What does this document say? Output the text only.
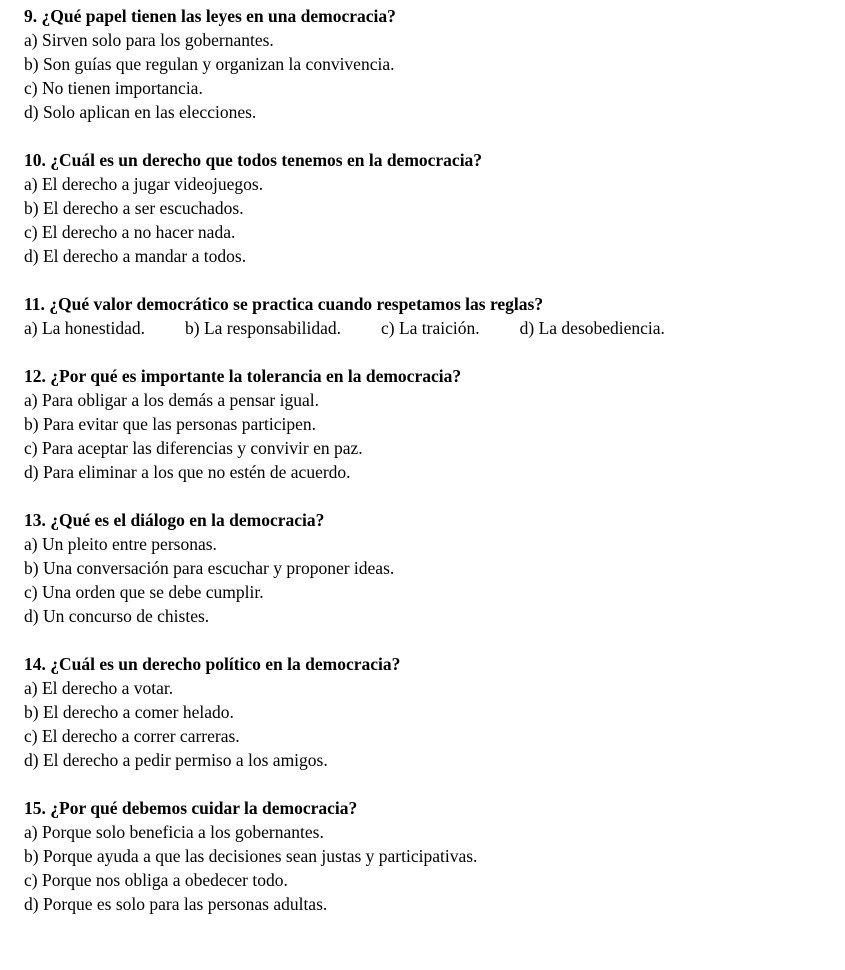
9. ¿Qué papel tienen las leyes en una democracia?

a) Sirven solo para los gobernantes.

b) Son guías que regulan y organizan la convivencia.

c) No tienen importancia.

d) Solo aplican en las elecciones.

10. ¿Cuál es un derecho que todos tenemos en la democracia?

a) El derecho a jugar videojuegos.

b) El derecho a ser escuchados.

c) El derecho a no hacer nada.

d) El derecho a mandar a todos.

11. ¿Qué valor democrático se practica cuando respetamos las reglas?

a) La honestidad. b) La responsabilidad. c) La traición. d) La desobediencia.

12. ¿Por qué es importante la tolerancia en la democracia?

a) Para obligar a los demás a pensar igual.

b) Para evitar que las personas participen.

c) Para aceptar las diferencias y convivir en paz.

d) Para eliminar a los que no estén de acuerdo.

13. ¿Qué es el diálogo en la democracia?

a) Un pleito entre personas.

b) Una conversación para escuchar y proponer ideas.

c) Una orden que se debe cumplir.

d) Un concurso de chistes.

14. ¿Cuál es un derecho político en la democracia?

a) El derecho a votar.

b) El derecho a comer helado.

c) El derecho a correr carreras.

d) El derecho a pedir permiso a los amigos.

15. ¿Por qué debemos cuidar la democracia?

a) Porque solo beneficia a los gobernantes.

b) Porque ayuda a que las decisiones sean justas y participativas.

c) Porque nos obliga a obedecer todo.

d) Porque es solo para las personas adultas.
